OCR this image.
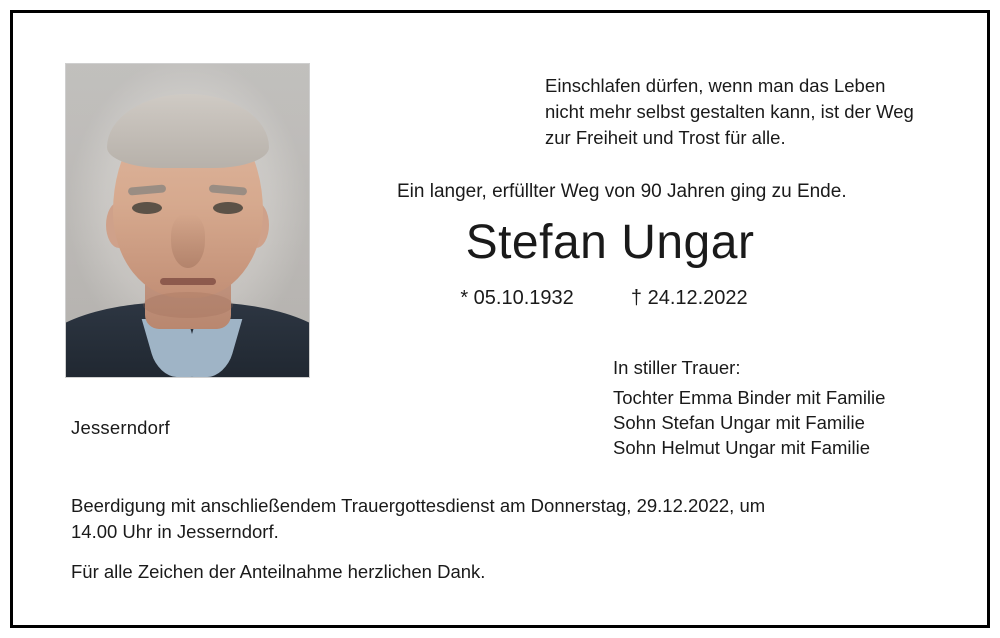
Jesserndorf
Einschlafen dürfen, wenn man das Leben
nicht mehr selbst gestalten kann, ist der Weg
zur Freiheit und Trost für alle.
Ein langer, erfüllter Weg von 90 Jahren ging zu Ende.
Stefan Ungar
* 05.10.1932	† 24.12.2022
In stiller Trauer:
Tochter Emma Binder mit Familie
Sohn Stefan Ungar mit Familie
Sohn Helmut Ungar mit Familie
Beerdigung mit anschließendem Trauergottesdienst am Donnerstag, 29.12.2022, um
14.00 Uhr in Jesserndorf.
Für alle Zeichen der Anteilnahme herzlichen Dank.
